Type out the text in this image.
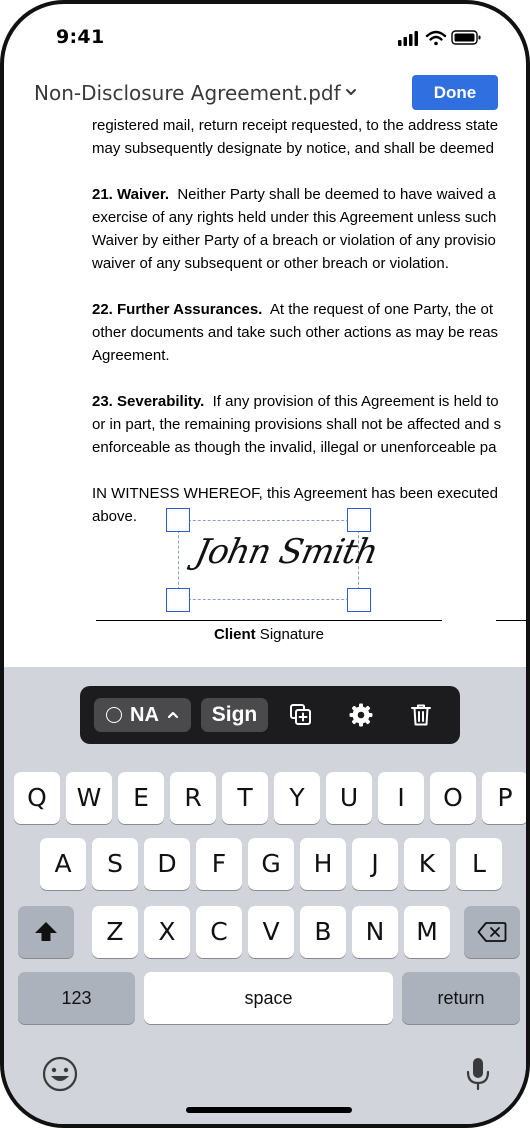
9:41
Non-Disclosure Agreement.pdf	Done
registered mail, return receipt requested, to the address state
may subsequently designate by notice, and shall be deemed
21. Waiver.  Neither Party shall be deemed to have waived a
exercise of any rights held under this Agreement unless such
Waiver by either Party of a breach or violation of any provisio
waiver of any subsequent or other breach or violation.
22. Further Assurances.  At the request of one Party, the ot
other documents and take such other actions as may be reas
Agreement.
23. Severability.  If any provision of this Agreement is held to
or in part, the remaining provisions shall not be affected and s
enforceable as though the invalid, illegal or unenforceable pa
IN WITNESS WHEREOF, this Agreement has been executed
above.
John Smith
Client Signature
NA	Sign
Q	W	E	R	T	Y	U	I	O	P
A	S	D	F	G	H	J	K	L
Z	X	C	V	B	N	M
123	space	return
